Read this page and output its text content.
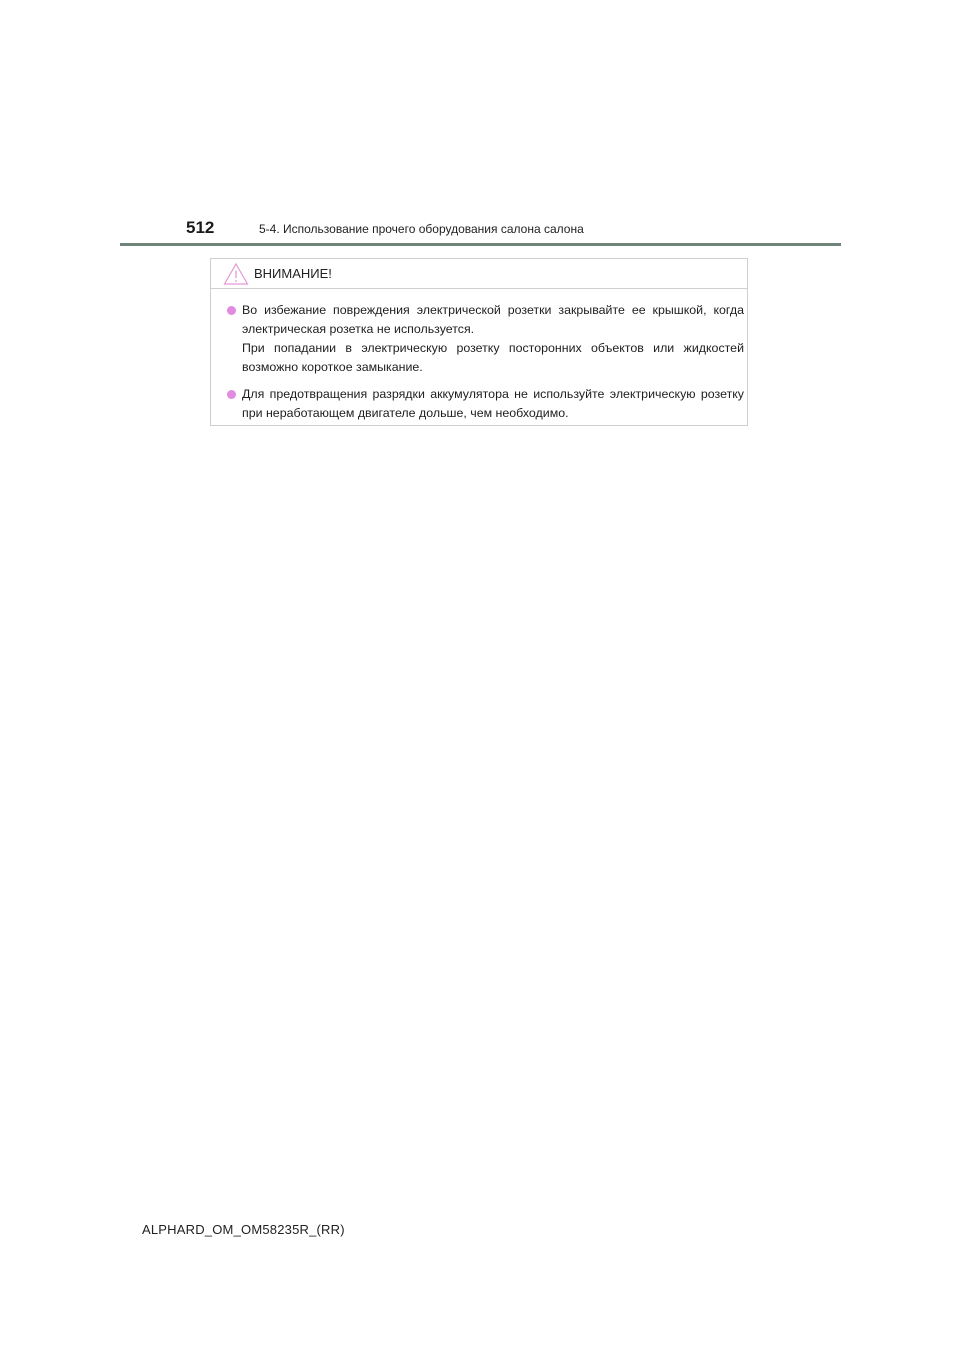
512	5-4. Использование прочего оборудования салона салона
ВНИМАНИЕ!
Во избежание повреждения электрической розетки закрывайте ее крышкой, когда электрическая розетка не используется.
При попадании в электрическую розетку посторонних объектов или жидкостей возможно короткое замыкание.
Для предотвращения разрядки аккумулятора не используйте электрическую розетку при неработающем двигателе дольше, чем необходимо.
ALPHARD_OM_OM58235R_(RR)
